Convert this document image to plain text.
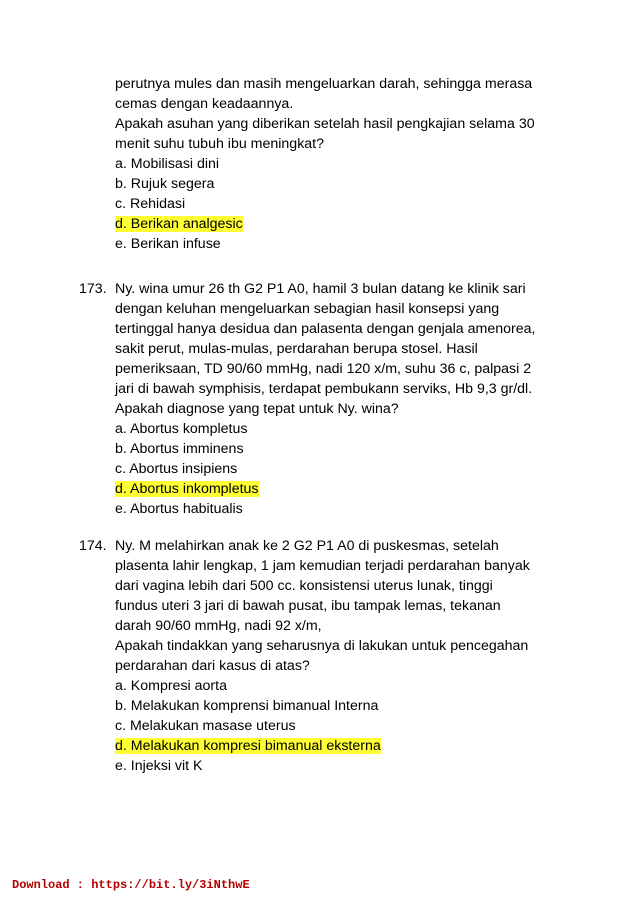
perutnya mules dan masih mengeluarkan darah, sehingga merasa
cemas dengan keadaannya.
Apakah asuhan yang diberikan setelah hasil pengkajian selama 30
menit suhu tubuh ibu meningkat?
a. Mobilisasi dini
b. Rujuk segera
c. Rehidasi
d. Berikan analgesic
e. Berikan infuse
173. Ny. wina umur 26 th G2 P1 A0, hamil 3 bulan datang ke klinik sari
dengan keluhan mengeluarkan sebagian hasil konsepsi yang
tertinggal hanya desidua dan palasenta dengan genjala amenorea,
sakit perut, mulas-mulas, perdarahan berupa stosel. Hasil
pemeriksaan, TD 90/60 mmHg, nadi 120 x/m, suhu 36 c, palpasi 2
jari di bawah symphisis, terdapat pembukann serviks, Hb 9,3 gr/dl.
Apakah diagnose yang tepat untuk Ny. wina?
a. Abortus kompletus
b. Abortus imminens
c. Abortus insipiens
d. Abortus inkompletus
e. Abortus habitualis
174. Ny. M melahirkan anak ke 2 G2 P1 A0 di puskesmas, setelah
plasenta lahir lengkap, 1 jam kemudian terjadi perdarahan banyak
dari vagina lebih dari 500 cc. konsistensi uterus lunak, tinggi
fundus uteri 3 jari di bawah pusat, ibu tampak lemas, tekanan
darah 90/60 mmHg, nadi 92 x/m,
Apakah tindakkan yang seharusnya di lakukan untuk pencegahan
perdarahan dari kasus di atas?
a. Kompresi aorta
b. Melakukan komprensi bimanual Interna
c. Melakukan masase uterus
d. Melakukan kompresi bimanual eksterna
e. Injeksi vit K
Download : https://bit.ly/3iNthwE
